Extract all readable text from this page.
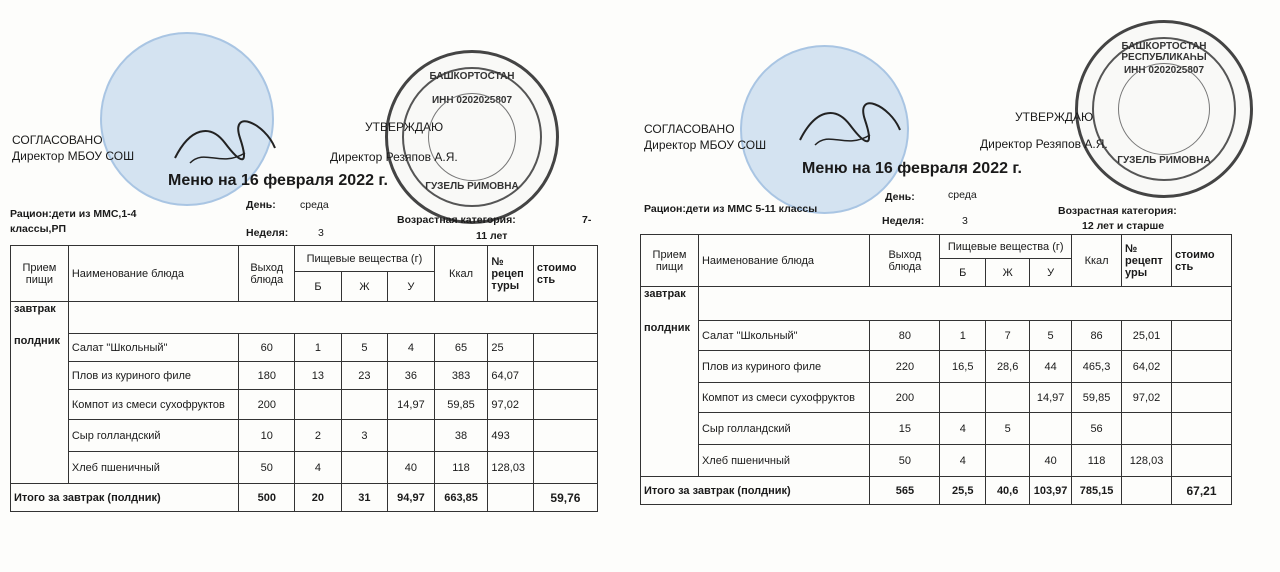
БАШКОРТОСТАН
ИНН 0202025807
ГУЗЕЛЬ РИМОВНА
СОГЛАСОВАНО
Директор МБОУ СОШ
УТВЕРЖДАЮ
Директор Резяпов А.Я.
Меню на 16 февраля 2022 г.
Рацион:дети из ММС,1-4
классы,РП
День: среда
Неделя:	3
Возрастная категория:	7-
11 лет
Прием пищи	Наименование блюда	Выход блюда	Пищевые вещества (г)			Ккал	№ рецеп туры	стоимо сть
			Б	Ж	У			
завтрак								
полдник	Салат "Школьный"	60	1	5	4	65	25	
	Плов из куриного филе	180	13	23	36	383	64,07	
	Компот из смеси сухофруктов	200			14,97	59,85	97,02	
	Сыр голландский	10	2	3		38	493	
	Хлеб пшеничный	50	4		40	118	128,03	
Итого за завтрак (полдник)		500	20	31	94,97	663,85		59,76
БАШКОРТОСТАН РЕСПУБЛИКАҺЫ
ИНН 0202025807
ГУЗЕЛЬ РИМОВНА
СОГЛАСОВАНО
Директор МБОУ СОШ
УТВЕРЖДАЮ
Директор Резяпов А.Я.
Меню на 16 февраля 2022 г.
Рацион:дети из ММС 5-11 классы
День:	среда
Неделя:	3
Возрастная категория:
12 лет и старше
Прием пищи	Наименование блюда	Выход блюда	Пищевые вещества (г)			Ккал	№ рецепт уры	стоимо сть
			Б	Ж	У			
завтрак								
полдник	Салат "Школьный"	80	1	7	5	86	25,01	
	Плов из куриного филе	220	16,5	28,6	44	465,3	64,02	
	Компот из смеси сухофруктов	200			14,97	59,85	97,02	
	Сыр голландский	15	4	5		56		
	Хлеб пшеничный	50	4		40	118	128,03	
Итого за завтрак (полдник)		565	25,5	40,6	103,97	785,15		67,21
